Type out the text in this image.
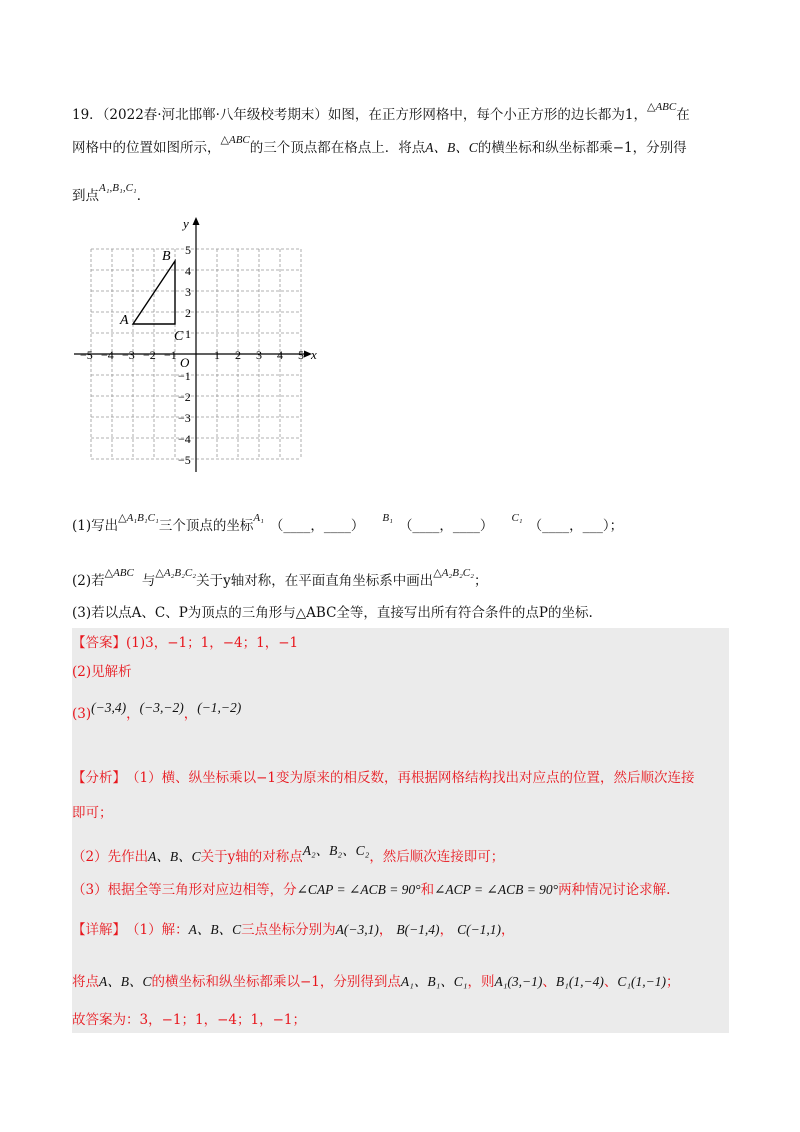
19．（2022春·河北邯郸·八年级校考期末）如图，在正方形网格中，每个小正方形的边长都为1，△ABC在
网格中的位置如图所示，△ABC的三个顶点都在格点上．将点A、B、C的横坐标和纵坐标都乘−1，分别得
到点A₁,B₁,C₁．
x
y
O
−5 −4 −3 −2 −1	1 2 3 4 5
5
4
3
2
1
−1
−2
−3
−4
−5
A
B
C
(1)写出△A₁B₁C₁三个顶点的坐标A₁ （____，____） B₁ （____，____） C₁ （____，___）；
(2)若△ABC 与△A₂B₂C₂关于y轴对称，在平面直角坐标系中画出△A₂B₂C₂；
(3)若以点A、C、P为顶点的三角形与△ABC全等，直接写出所有符合条件的点P的坐标.
【答案】(1)3，−1；1，−4；1，−1
(2)见解析
(3)(−3,4)，(−3,−2)，(−1,−2)
【分析】（1）横、纵坐标乘以−1变为原来的相反数，再根据网格结构找出对应点的位置，然后顺次连接
即可；
（2）先作出A、B、C关于y轴的对称点A₂、B₂、C₂，然后顺次连接即可；
（3）根据全等三角形对应边相等，分∠CAP = ∠ACB = 90°和∠ACP = ∠ACB = 90°两种情况讨论求解.
【详解】（1）解：A、B、C三点坐标分别为A(−3,1)， B(−1,4)， C(−1,1)，
将点A、B、C的横坐标和纵坐标都乘以−1，分别得到点A₁、B₁、C₁，则A₁(3,−1)、B₁(1,−4)、C₁(1,−1)；
故答案为：3，−1；1，−4；1，−1；
